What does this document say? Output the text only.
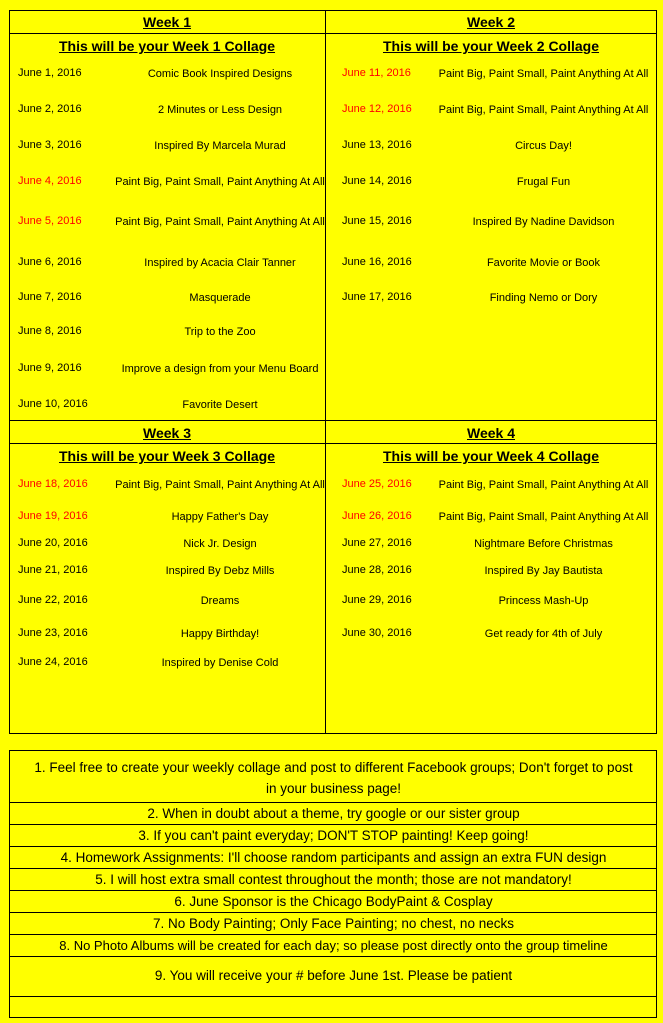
Week 1
This will be your Week 1 Collage
Week 2
This will be your Week 2 Collage
Week 3
This will be your Week 3 Collage
Week 4
This will be your Week 4 Collage
June 1, 2016	Comic Book Inspired Designs
June 2, 2016	2 Minutes or Less Design
June 3, 2016	Inspired By Marcela Murad
June 4, 2016	Paint Big, Paint Small, Paint Anything At All
June 5, 2016	Paint Big, Paint Small, Paint Anything At All
June 6, 2016	Inspired by Acacia Clair Tanner
June 7, 2016	Masquerade
June 8, 2016	Trip to the Zoo
June 9, 2016	Improve a design from your Menu Board
June 10, 2016	Favorite Desert
June 11, 2016	Paint Big, Paint Small, Paint Anything At All
June 12, 2016	Paint Big, Paint Small, Paint Anything At All
June 13, 2016	Circus Day!
June 14, 2016	Frugal Fun
June 15, 2016	Inspired By Nadine Davidson
June 16, 2016	Favorite Movie or Book
June 17, 2016	Finding Nemo or Dory
June 18, 2016	Paint Big, Paint Small, Paint Anything At All
June 19, 2016	Happy Father's Day
June 20, 2016	Nick Jr. Design
June 21, 2016	Inspired By Debz Mills
June 22, 2016	Dreams
June 23, 2016	Happy Birthday!
June 24, 2016	Inspired by Denise Cold
June 25, 2016	Paint Big, Paint Small, Paint Anything At All
June 26, 2016	Paint Big, Paint Small, Paint Anything At All
June 27, 2016	Nightmare Before Christmas
June 28, 2016	Inspired By Jay Bautista
June 29, 2016	Princess Mash-Up
June 30, 2016	Get ready for 4th of July
1. Feel free to create your weekly collage and post to different Facebook groups; Don't forget to post in your business page!
2. When in doubt about a theme, try google or our sister group
3. If you can't paint everyday; DON'T STOP painting! Keep going!
4. Homework Assignments: I'll choose random participants and assign an extra FUN design
5. I will host extra small contest throughout the month; those are not mandatory!
6. June Sponsor is the Chicago BodyPaint & Cosplay
7. No Body Painting; Only Face Painting; no chest, no necks
8. No Photo Albums will be created for each day; so please post directly onto the group timeline
9. You will receive your # before June 1st. Please be patient
